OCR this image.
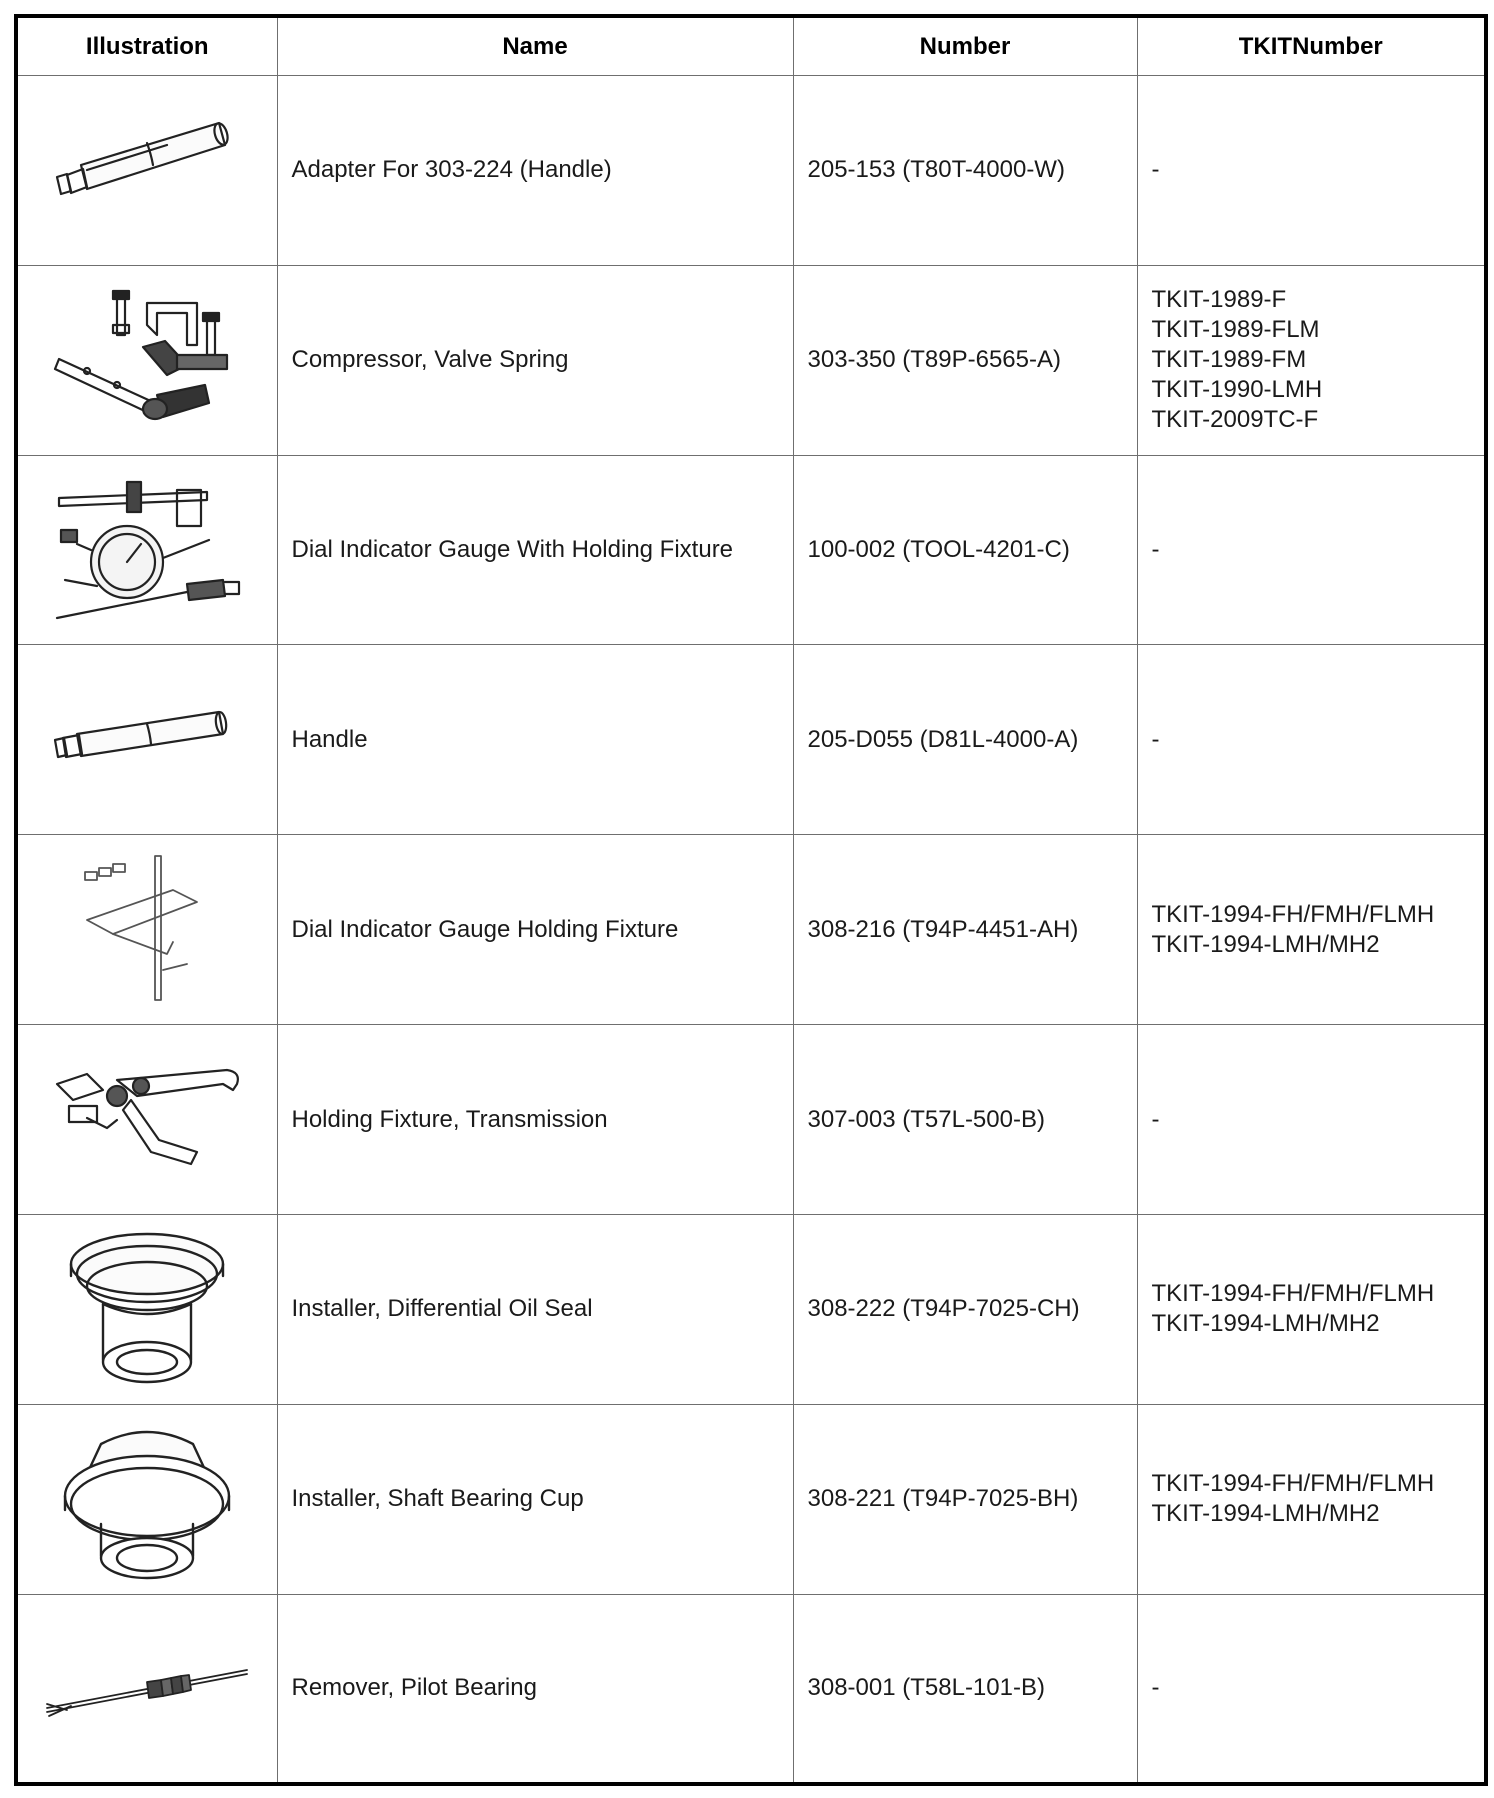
Illustration	Name	Number	TKITNumber

	Adapter For 303-224 (Handle)	205-153 (T80T-4000-W)	-

	Compressor, Valve Spring	303-350 (T89P-6565-A)	TKIT-1989-F
TKIT-1989-FLM
TKIT-1989-FM
TKIT-1990-LMH
TKIT-2009TC-F

	Dial Indicator Gauge With Holding Fixture	100-002 (TOOL-4201-C)	-

	Handle	205-D055 (D81L-4000-A)	-

	Dial Indicator Gauge Holding Fixture	308-216 (T94P-4451-AH)	TKIT-1994-FH/FMH/FLMH
TKIT-1994-LMH/MH2

	Holding Fixture, Transmission	307-003 (T57L-500-B)	-

	Installer, Differential Oil Seal	308-222 (T94P-7025-CH)	TKIT-1994-FH/FMH/FLMH
TKIT-1994-LMH/MH2

	Installer, Shaft Bearing Cup	308-221 (T94P-7025-BH)	TKIT-1994-FH/FMH/FLMH
TKIT-1994-LMH/MH2

	Remover, Pilot Bearing	308-001 (T58L-101-B)	-
